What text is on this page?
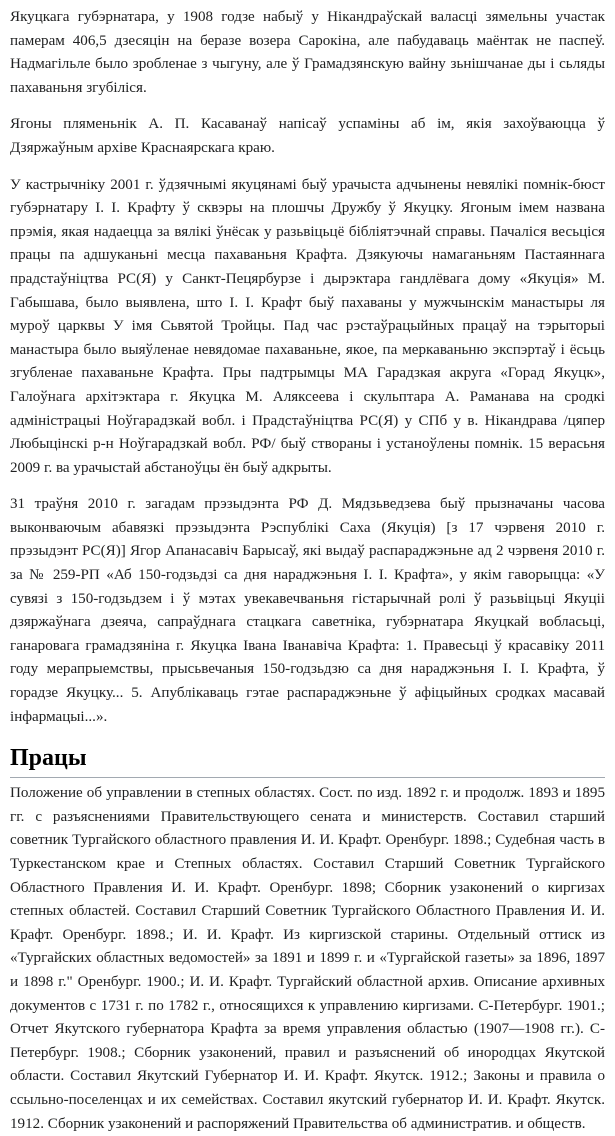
Якуцкага губэрнатара, у 1908 годзе набыў у Нікандраўскай валасцi зямельны участак памерам 406,5 дзесяцін на беразе возера Сарокіна, але пабудаваць маёнтак не паспеў. Надмагільле было зробленае з чыгуну, але ў Грамадзянскую вайну зьнішчанае ды і сьляды пахаваньня згубіліся.

Ягоны пляменьнік А. П. Касаванаў напісаў успаміны аб ім, якія захоўваюцца ў Дзяржаўным архіве Краснаярскага краю.

У кастрычніку 2001 г. ўдзячнымі якуцянамі быў урачыста адчынены невялікі помнік-бюст губэрнатару І. І. Крафту ў сквэры на плошчы Дружбу ў Якуцку. Ягоным імем названа прэмія, якая надаецца за вялікі ўнёсак у разьвіцьцё бібліятэчнай справы. Пачаліся весьціся працы па адшуканьні месца пахаваньня Крафта. Дзякуючы намаганьням Пастаяннага прадстаўніцтва РС(Я) у Санкт-Пецярбурзе і дырэктара гандлёвага дому «Якуція» М. Габышава, было выявлена, што І. І. Крафт быў пахаваны у мужчынскім манастыры ля муроў царквы У імя Сьвятой Тройцы. Пад час рэстаўрацыйных працаў на тэрыторыі манастыра было выяўленае невядомае пахаваньне, якое, па меркаваньню экспэртаў і ёсьць згубленае пахаваньне Крафта. Пры падтрымцы МА Гарадзкая акруга «Горад Якуцк», Галоўнага архітэктара г. Якуцка М. Аляксеева і скульптара А. Раманава на сродкі адміністрацыі Ноўгарадзкай вобл. і Прадстаўніцтва РС(Я) у СПб у в. Нікандрава /цяпер Любыцінскі р-н Ноўгарадзкай вобл. РФ/ быў створаны і устаноўлены помнік. 15 верасьня 2009 г. ва урачыстай абстаноўцы ён быў адкрыты.

31 траўня 2010 г. загадам прэзыдэнта РФ Д. Мядзьведзева быў прызначаны часова выконваючым абавязкі прэзыдэнта Рэспублікі Саха (Якуція) [з 17 чэрвеня 2010 г. прэзыдэнт РС(Я)] Ягор Апанасавіч Барысаў, які выдаў распараджэньне ад 2 чэрвеня 2010 г. за № 259-РП «Аб 150-годзьдзі са дня нараджэньня І. І. Крафта», у якім гаворыцца: «У сувязі з 150-годзьдзем і ў мэтах увекавечваньня гістарычнай ролі ў разьвіцьці Якуціі дзяржаўнага дзеяча, сапраўднага стацкага саветніка, губэрнатара Якуцкай вобласьці, ганаровага грамадзяніна г. Якуцка Івана Іванавіча Крафта: 1. Правесьці ў красавіку 2011 году мерапрыемствы, прысьвечаныя 150-годзьдзю са дня нараджэньня І. І. Крафта, ў горадзе Якуцку... 5. Апублікаваць гэтае распараджэньне ў афіцыйных сродках масавай інфармацыі...».

Працы

Положение об управлении в степных областях. Сост. по изд. 1892 г. и продолж. 1893 и 1895 гг. с разъяснениями Правительствующего сената и министерств. Составил старший советник Тургайского областного правления И. И. Крафт. Оренбург. 1898.; Судебная часть в Туркестанском крае и Степных областях. Составил Старший Советник Тургайского Областного Правления И. И. Крафт. Оренбург. 1898; Сборник узаконений о киргизах степных областей. Составил Старший Советник Тургайского Областного Правления И. И. Крафт. Оренбург. 1898.; И. И. Крафт. Из киргизской старины. Отдельный оттиск из «Тургайских областных ведомостей» за 1891 и 1899 г. и «Тургайской газеты» за 1896, 1897 и 1898 г." Оренбург. 1900.; И. И. Крафт. Тургайский областной архив. Описание архивных документов с 1731 г. по 1782 г., относящихся к управлению киргизами. С-Петербург. 1901.; Отчет Якутского губернатора Крафта за время управления областью (1907—1908 гг.). С-Петербург. 1908.; Сборник узаконений, правил и разъяснений об инородцах Якутской области. Составил Якутский Губернатор И. И. Крафт. Якутск. 1912.; Законы и правила о ссыльно-поселенцах и их семействах. Составил якутский губернатор И. И. Крафт. Якутск. 1912. Сборник узаконений и распоряжений Правительства об административ. и обществ.
